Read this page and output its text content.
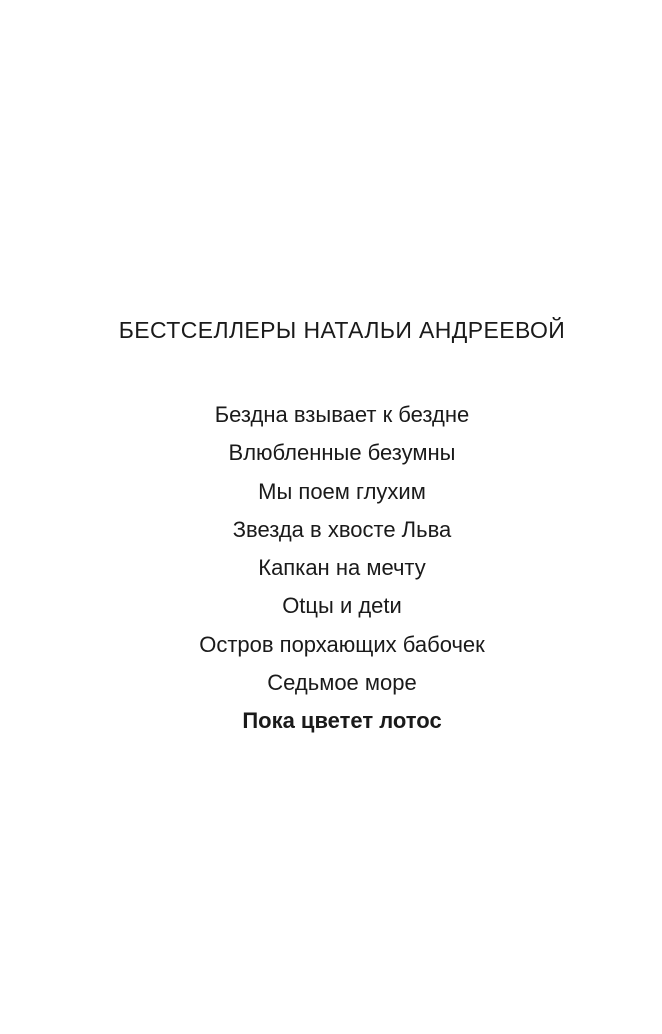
БЕСТСЕЛЛЕРЫ НАТАЛЬИ АНДРЕЕВОЙ
Бездна взывает к бездне
Влюбленные безумны
Мы поем глухим
Звезда в хвосте Льва
Капкан на мечту
Оtцы и деtи
Остров порхающих бабочек
Седьмое море
Пока цветет лотос
